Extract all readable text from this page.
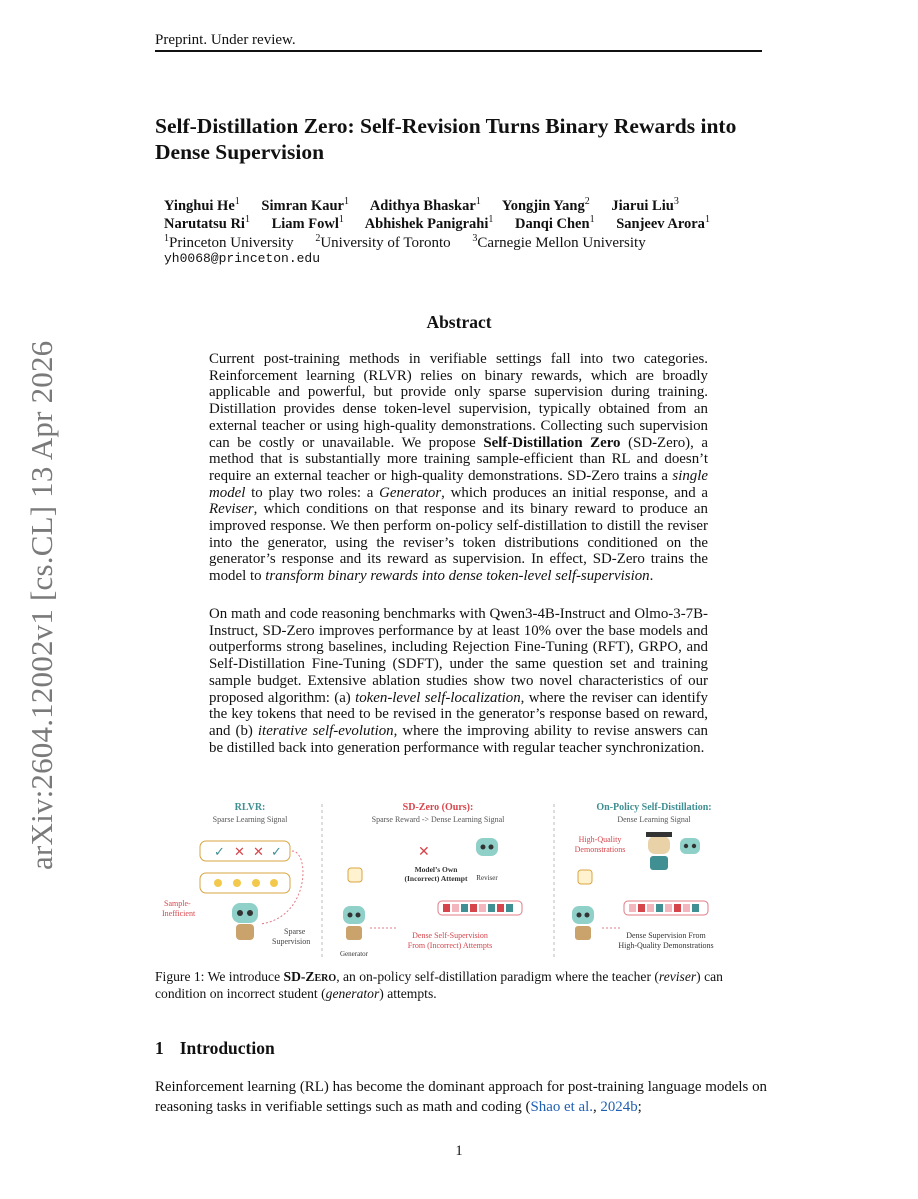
Preprint. Under review.
arXiv:2604.12002v1 [cs.CL] 13 Apr 2026
Self-Distillation Zero: Self-Revision Turns Binary Rewards into Dense Supervision
Yinghui He$^1$ Simran Kaur$^1$ Adithya Bhaskar$^1$ Yongjin Yang$^2$ Jiarui Liu$^3$
Narutatsu Ri$^1$ Liam Fowl$^1$ Abhishek Panigrahi$^1$ Danqi Chen$^1$ Sanjeev Arora$^1$
$^1$Princeton University $^2$University of Toronto $^3$Carnegie Mellon University
yh0068@princeton.edu
Abstract
Current post-training methods in verifiable settings fall into two categories. Reinforcement learning (RLVR) relies on binary rewards, which are broadly applicable and powerful, but provide only sparse supervision during training. Distillation provides dense token-level supervision, typically obtained from an external teacher or using high-quality demonstrations. Collecting such supervision can be costly or unavailable. We propose Self-Distillation Zero (SD-Zero), a method that is substantially more training sample-efficient than RL and doesn’t require an external teacher or high-quality demonstrations. SD-Zero trains a single model to play two roles: a Generator, which produces an initial response, and a Reviser, which conditions on that response and its binary reward to produce an improved response. We then perform on-policy self-distillation to distill the reviser into the generator, using the reviser’s token distributions conditioned on the generator’s response and its reward as supervision. In effect, SD-Zero trains the model to transform binary rewards into dense token-level self-supervision.
On math and code reasoning benchmarks with Qwen3-4B-Instruct and Olmo-3-7B-Instruct, SD-Zero improves performance by at least 10% over the base models and outperforms strong baselines, including Rejection Fine-Tuning (RFT), GRPO, and Self-Distillation Fine-Tuning (SDFT), under the same question set and training sample budget. Extensive ablation studies show two novel characteristics of our proposed algorithm: (a) token-level self-localization, where the reviser can identify the key tokens that need to be revised in the generator’s response based on reward, and (b) iterative self-evolution, where the improving ability to revise answers can be distilled back into generation performance with regular teacher synchronization.
RLVR:
Sparse Learning Signal
✓ ✕ ✕ ✓
Sample-Inefficient
Sparse Supervision
SD-Zero (Ours):
Sparse Reward -> Dense Learning Signal
✕
Model’s Own (Incorrect) Attempt Reviser
Generator
Dense Self-Supervision From (Incorrect) Attempts
On-Policy Self-Distillation:
Dense Learning Signal
High-Quality Demonstrations
Dense Supervision From High-Quality Demonstrations
Figure 1: We introduce SD-Zero, an on-policy self-distillation paradigm where the teacher (reviser) can condition on incorrect student (generator) attempts.
1 Introduction
Reinforcement learning (RL) has become the dominant approach for post-training language models on reasoning tasks in verifiable settings such as math and coding (Shao et al., 2024b;
1
